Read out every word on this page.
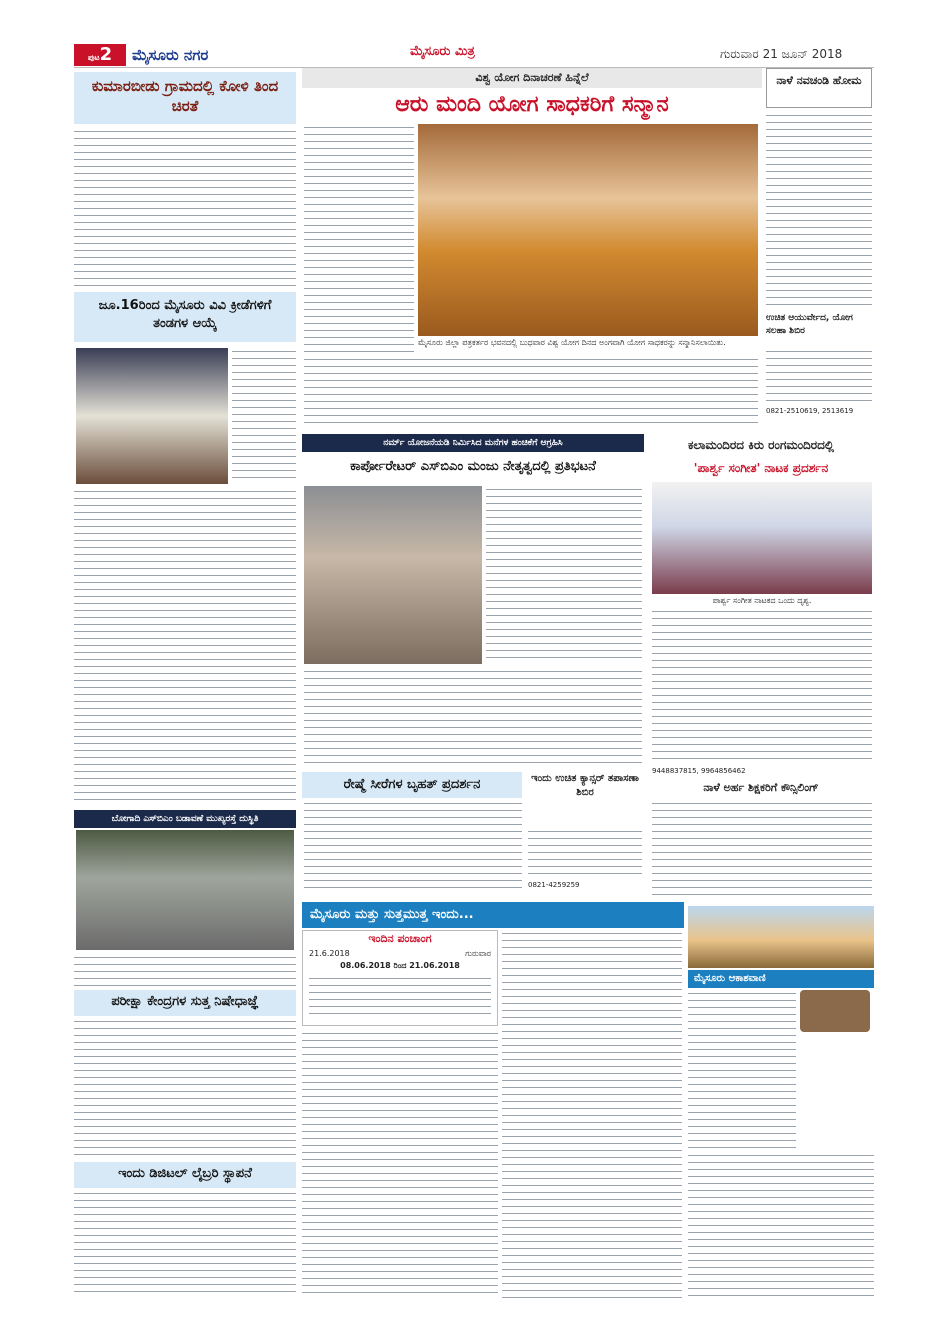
ಪುಟ2	ಮೈಸೂರು ನಗರ	ಮೈಸೂರು ಮಿತ್ರ	ಗುರುವಾರ 21 ಜೂನ್ 2018
ಕುಮಾರಬೀಡು ಗ್ರಾಮದಲ್ಲಿ ಕೋಳಿ ತಿಂದ ಚಿರತೆ
ಜೂ.16ರಿಂದ ಮೈಸೂರು ವಿವಿ ಕ್ರೀಡೆಗಳಿಗೆ ತಂಡಗಳ ಆಯ್ಕೆ
ಬೋಗಾದಿ ಎಸ್‌ಬಿಎಂ ಬಡಾವಣೆ ಮುಖ್ಯರಸ್ತೆ ದುಸ್ಥಿತಿ
ಪರೀಕ್ಷಾ ಕೇಂದ್ರಗಳ ಸುತ್ತ ನಿಷೇಧಾಜ್ಞೆ
ಇಂದು ಡಿಜಿಟಲ್ ಲೈಬ್ರರಿ ಸ್ಥಾಪನೆ
ವಿಶ್ವ ಯೋಗ ದಿನಾಚರಣೆ ಹಿನ್ನೆಲೆ
ಆರು ಮಂದಿ ಯೋಗ ಸಾಧಕರಿಗೆ ಸನ್ಮಾನ
ಮೈಸೂರು ಜಿಲ್ಲಾ ಪತ್ರಕರ್ತರ ಭವನದಲ್ಲಿ ಬುಧವಾರ ವಿಶ್ವ ಯೋಗ ದಿನದ ಅಂಗವಾಗಿ ಯೋಗ ಸಾಧಕರನ್ನು ಸನ್ಮಾನಿಸಲಾಯಿತು.
ನಾಳೆ ನವಚಂಡಿ ಹೋಮ
ಉಚಿತ ಆಯುರ್ವೇದ, ಯೋಗ ಸಲಹಾ ಶಿಬಿರ
0821-2510619, 2513619
ನರ್ಮ್ ಯೋಜನೆಯಡಿ ನಿರ್ಮಿಸಿದ ಮನೆಗಳ ಹಂಚಿಕೆಗೆ ಆಗ್ರಹಿಸಿ
ಕಾರ್ಪೋರೇಟರ್ ಎಸ್‌ಬಿಎಂ ಮಂಜು ನೇತೃತ್ವದಲ್ಲಿ ಪ್ರತಿಭಟನೆ
ರೇಷ್ಮೆ ಸೀರೆಗಳ ಬೃಹತ್ ಪ್ರದರ್ಶನ	ಇಂದು ಉಚಿತ ಕ್ಯಾನ್ಸರ್ ತಪಾಸಣಾ ಶಿಬಿರ
0821-4259259
ಕಲಾಮಂದಿರದ ಕಿರು ರಂಗಮಂದಿರದಲ್ಲಿ
'ಪಾರ್ಶ್ವ ಸಂಗೀತ' ನಾಟಕ ಪ್ರದರ್ಶನ
ಪಾರ್ಶ್ವ ಸಂಗೀತ ನಾಟಕದ ಒಂದು ದೃಶ್ಯ.
9448837815, 9964856462
ನಾಳೆ ಅರ್ಹ ಶಿಕ್ಷಕರಿಗೆ ಕೌನ್ಸಿಲಿಂಗ್
ಮೈಸೂರು ಮತ್ತು ಸುತ್ತಮುತ್ತ ಇಂದು...
ಇಂದಿನ ಪಂಚಾಂಗ
21.6.2018	ಗುರುವಾರ
08.06.2018 ರಿಂದ 21.06.2018
ಮೈಸೂರು ಆಕಾಶವಾಣಿ
